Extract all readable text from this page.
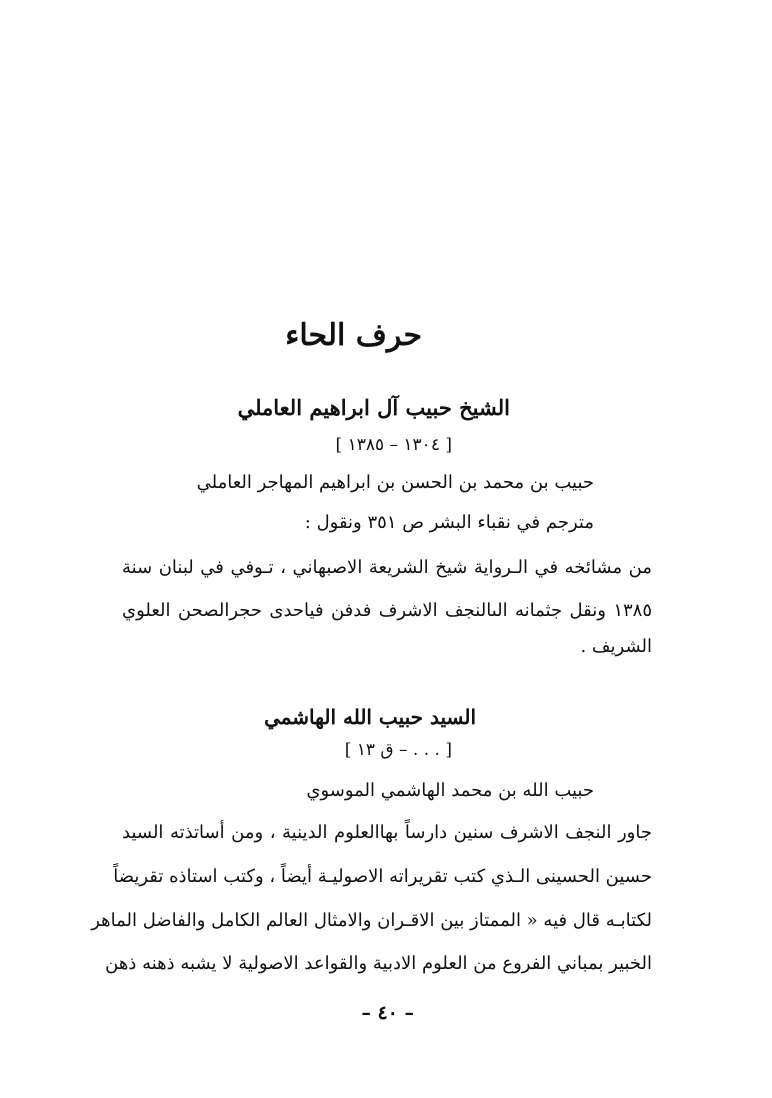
حرف الحاء
الشيخ حبيب آل ابراهيم العاملي
[ ١٣٠٤ – ١٣٨٥ ]

حبيب بن محمد بن الحسن بن ابراهيم المهاجر العاملي

مترجم في نقباء البشر ص ٣٥١ ونقول :

من مشائخه في الـرواية شيخ الشريعة الاصبهاني ، تـوفي في لبنان سنة

١٣٨٥ ونقل جثمانه الىالنجف الاشرف فدفن فياحدى حجرالصحن العلوي

الشريف .

السيد حبيب الله الهاشمي
[ . . . – ق ١٣ ]

حبيب الله بن محمد الهاشمي الموسوي

جاور النجف الاشرف سنين دارساً بهاالعلوم الدينية ، ومن أساتذته السيد

حسين الحسينى الـذي كتب تقريراته الاصوليـة أيضاً ، وكتب استاذه تقريضاً

لكتابـه قال فيه « الممتاز بين الاقـران والامثال العالم الكامل والفاضل الماهر

الخبير بمباني الفروع من العلوم الادبية والقواعد الاصولية لا يشبه ذهنه ذهن

– ٤٠ –
